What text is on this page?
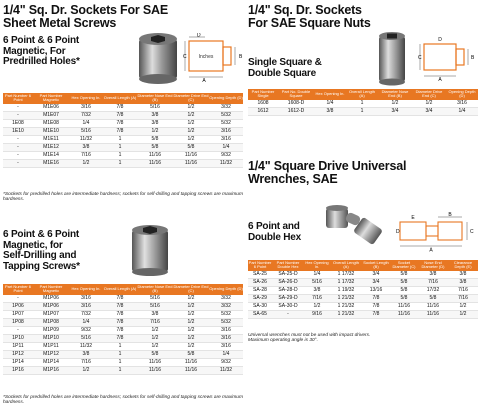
1/4" Sq. Dr. Sockets For SAE
Sheet Metal Screws
6 Point & 6 Point
Magnetic, For
Predrilled Holes*
A
B
C
D
Inches
Part Number 6 Point	Part Number Magnetic	Hex Opening In.	Overall Length (A)	Diameter Nose End (B)	Diameter Drive End (C)	Opening Depth (D)
-	M1E06	3/16	7/8	5/16	1/2	3/32
-	M1E07	7/32	7/8	3/8	1/2	5/32
1E08	M1E08	1/4	7/8	3/8	1/2	5/32
1E10	M1E10	5/16	7/8	1/2	1/2	3/16
-	M1E11	11/32	1	5/8	1/2	3/16
-	M1E12	3/8	1	5/8	5/8	1/4
-	M1E14	7/16	1	11/16	11/16	9/32
-	M1E16	1/2	1	11/16	11/16	11/32
*Sockets for predrilled holes are intermediate hardness; sockets for self-drilling and tapping screws are maximum hardness.
6 Point & 6 Point
Magnetic, for
Self-Drilling and
Tapping Screws*
Part Number 6 Point	Part Number Magnetic	Hex Opening In.	Overall Length (A)	Diameter Nose End (B)	Diameter Drive End (C)	Opening Depth (D)
-	M1P06	3/16	7/8	5/16	1/2	3/32
1P06	M1P06	3/16	7/8	5/16	1/2	3/32
1P07	M1P07	7/32	7/8	3/8	1/2	5/32
1P08	M1P08	1/4	7/8	7/16	1/2	5/32
-	M1P09	9/32	7/8	1/2	1/2	3/16
1P10	M1P10	5/16	7/8	1/2	1/2	3/16
1P11	M1P11	11/32	1	1/2	1/2	3/16
1P12	M1P12	3/8	1	5/8	5/8	1/4
1P14	M1P14	7/16	1	11/16	11/16	9/32
1P16	M1P16	1/2	1	11/16	11/16	11/32
*Sockets for predrilled holes are intermediate hardness; sockets for self-drilling and tapping screws are maximum hardness.
1/4" Sq. Dr. Sockets
For SAE Square Nuts
Single Square &
Double Square
A
C	B
D
Part Number Single	Part No. Double Square	Hex Opening In.	Overall Length (A)	Diameter Nose End (B)	Diameter Drive End (C)	Opening Depth (D)
1608	1608-D	1/4	1	1/2	1/2	3/16
1612	1612-D	3/8	1	3/4	3/4	1/4
1/4" Square Drive Universal
Wrenches, SAE
6 Point and
Double Hex
A
B
C
D
E
Part Number 6 Point	Part Number Double Hex	Hex Opening In.	Overall Length (A)	Socket Length (B)	Socket Diameter (C)	Nose End Diameter (D)	Clearance Depth (E)
SA-25	SA-25-D	1/4	1 17/32	3/4	5/8	3/8	3/8
SA-26	SA-26-D	5/16	1 17/32	3/4	5/8	7/16	3/8
SA-28	SA-28-D	3/8	1 19/32	13/16	5/8	17/32	7/16
SA-29	SA-29-D	7/16	1 21/32	7/8	5/8	5/8	7/16
SA-30	SA-30-D	1/2	1 21/32	7/8	11/16	11/16	1/2
SA-65	-	9/16	1 21/32	7/8	11/16	11/16	1/2
Universal wrenches must not be used with impact drivers.
Maximum operating angle is 30°.
